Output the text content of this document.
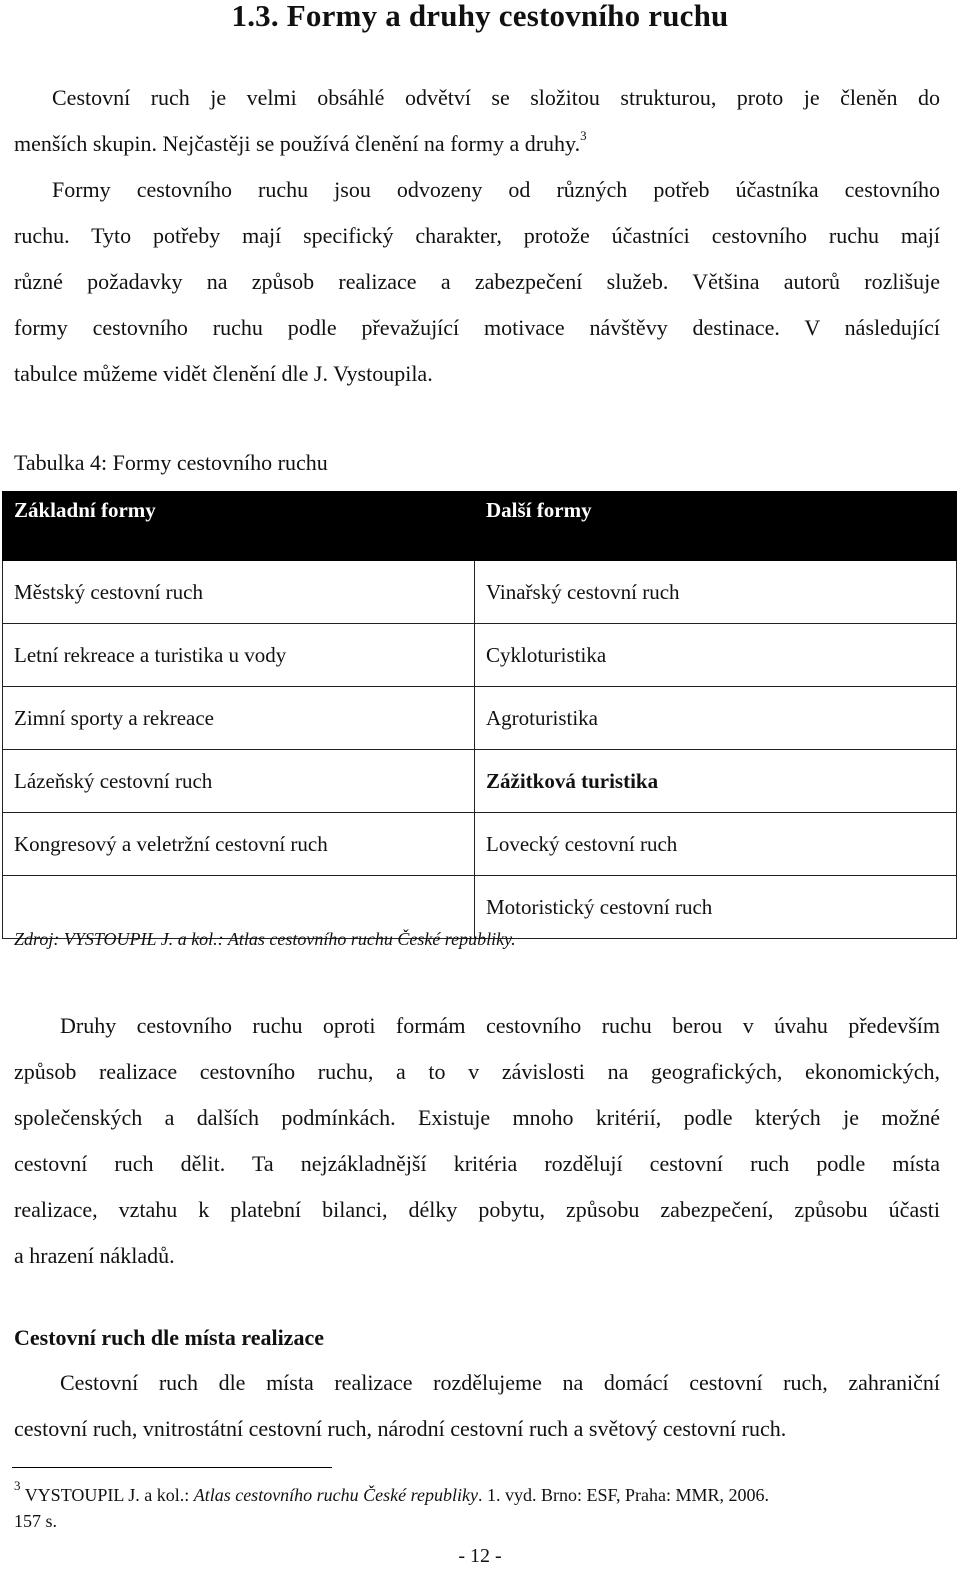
1.3. Formy a druhy cestovního ruchu
Cestovní ruch je velmi obsáhlé odvětví se složitou strukturou, proto je členěn do
menších skupin. Nejčastěji se používá členění na formy a druhy.$^3$
Formy cestovního ruchu jsou odvozeny od různých potřeb účastníka cestovního
ruchu. Tyto potřeby mají specifický charakter, protože účastníci cestovního ruchu mají
různé požadavky na způsob realizace a zabezpečení služeb. Většina autorů rozlišuje
formy cestovního ruchu podle převažující motivace návštěvy destinace. V následující
tabulce můžeme vidět členění dle J. Vystoupila.
Tabulka 4: Formy cestovního ruchu
Základní formy	Další formy
Městský cestovní ruch	Vinařský cestovní ruch
Letní rekreace a turistika u vody	Cykloturistika
Zimní sporty a rekreace	Agroturistika
Lázeňský cestovní ruch	Zážitková turistika
Kongresový a veletržní cestovní ruch	Lovecký cestovní ruch
	Motoristický cestovní ruch
Zdroj: VYSTOUPIL J. a kol.: Atlas cestovního ruchu České republiky.
Druhy cestovního ruchu oproti formám cestovního ruchu berou v úvahu především
způsob realizace cestovního ruchu, a to v závislosti na geografických, ekonomických,
společenských a dalších podmínkách. Existuje mnoho kritérií, podle kterých je možné
cestovní ruch dělit. Ta nejzákladnější kritéria rozdělují cestovní ruch podle místa
realizace, vztahu k platební bilanci, délky pobytu, způsobu zabezpečení, způsobu účasti
a hrazení nákladů.
Cestovní ruch dle místa realizace
Cestovní ruch dle místa realizace rozdělujeme na domácí cestovní ruch, zahraniční
cestovní ruch, vnitrostátní cestovní ruch, národní cestovní ruch a světový cestovní ruch.
$^3$ VYSTOUPIL J. a kol.: Atlas cestovního ruchu České republiky. 1. vyd. Brno: ESF, Praha: MMR, 2006.
157 s.
- 12 -
